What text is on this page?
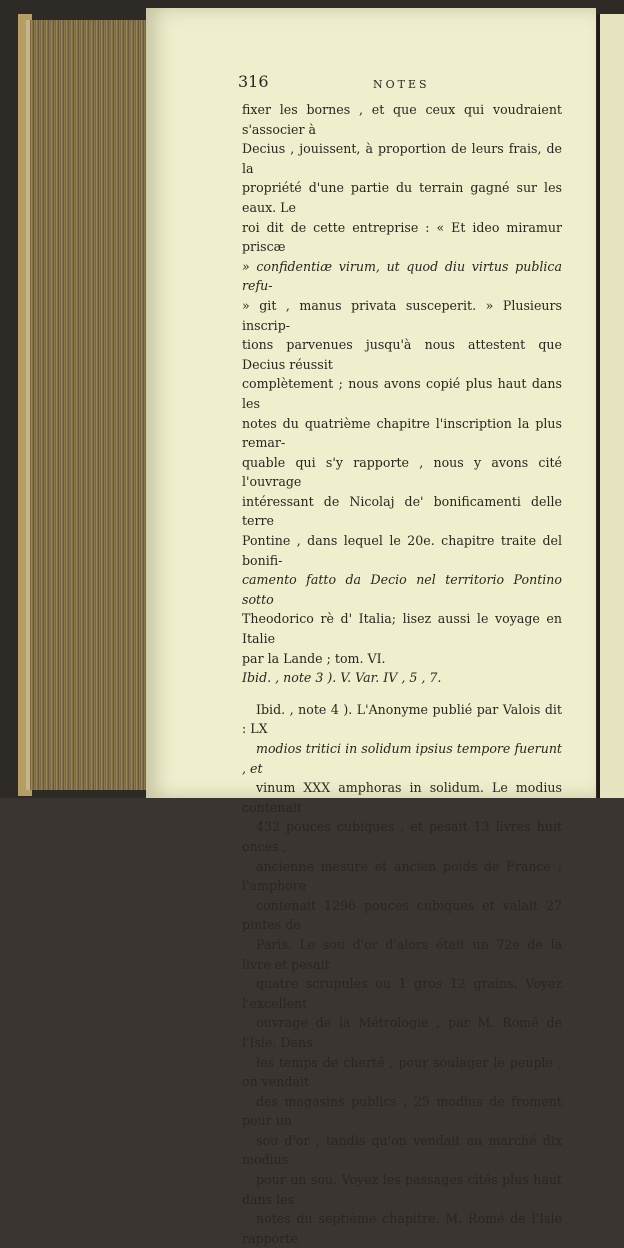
316	NOTES

fixer les bornes , et que ceux qui voudraient s'associer à
Decius , jouissent, à proportion de leurs frais, de la
propriété d'une partie du terrain gagné sur les eaux. Le
roi dit de cette entreprise : « Et ideo miramur priscæ
» confidentiæ virum, ut quod diu virtus publica refu-
» git , manus privata susceperit. » Plusieurs inscrip-
tions parvenues jusqu'à nous attestent que Decius réussit
complètement ; nous avons copié plus haut dans les
notes du quatrième chapitre l'inscription la plus remar-
quable qui s'y rapporte , nous y avons cité l'ouvrage
intéressant de Nicolaj de' bonificamenti delle terre
Pontine , dans lequel le 20e. chapitre traite del bonifi-
camento fatto da Decio nel territorio Pontino sotto
Theodorico rè d' Italia; lisez aussi le voyage en Italie
par la Lande ; tom. VI.

Ibid. , note 3 ). V. Var. IV , 5 , 7.

Ibid. , note 4 ). L'Anonyme publié par Valois dit : LX
modios tritici in solidum ipsius tempore fuerunt , et
vinum XXX amphoras in solidum. Le modius contenait
432 pouces cubiques , et pesait 13 livres huit onces ,
ancienne mesure et ancien poids de France ; l'amphore
contenait 1296 pouces cubiques et valait 27 pintes de
Paris. Le sou d'or d'alors était un 72e de la livre et pesait
quatre scrupules ou 1 gros 12 grains. Voyez l'excellent
ouvrage de la Métrologie , par M. Romé de l'Isle. Dans
les temps de cherté , pour soulager le peuple , on vendait
des magasins publics , 25 modius de froment pour un
sou d'or , tandis qu'on vendait au marché dix modius
pour un sou. Voyez les passages cités plus haut dans les
notes du septième chapitre. M. Romé de l'Isle rapporte
